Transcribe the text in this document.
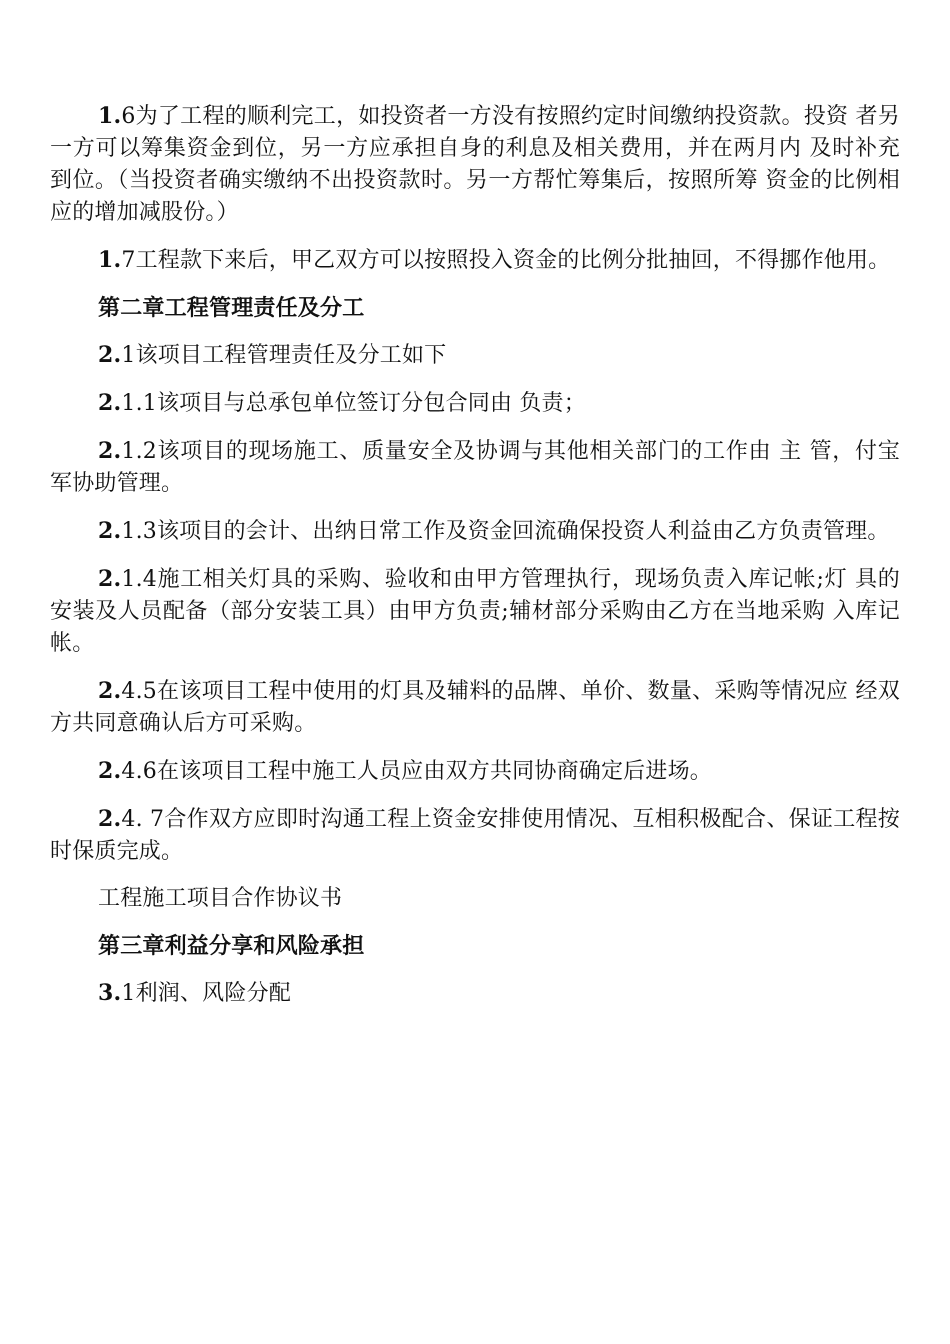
1.6为了工程的顺利完工，如投资者一方没有按照约定时间缴纳投资款。投资 者另一方可以筹集资金到位，另一方应承担自身的利息及相关费用，并在两月内 及时补充到位。（当投资者确实缴纳不出投资款时。另一方帮忙筹集后，按照所筹 资金的比例相应的增加减股份。）

1.7工程款下来后，甲乙双方可以按照投入资金的比例分批抽回，不得挪作他用。

第二章工程管理责任及分工

2.1该项目工程管理责任及分工如下

2.1.1该项目与总承包单位签订分包合同由 负责；

2.1.2该项目的现场施工、质量安全及协调与其他相关部门的工作由 主 管，付宝军协助管理。

2.1.3该项目的会计、出纳日常工作及资金回流确保投资人利益由乙方负责管理。

2.1.4施工相关灯具的采购、验收和由甲方管理执行，现场负责入库记帐;灯 具的安装及人员配备（部分安装工具）由甲方负责;辅材部分采购由乙方在当地采购 入库记帐。

2.4.5在该项目工程中使用的灯具及辅料的品牌、单价、数量、采购等情况应 经双方共同意确认后方可采购。

2.4.6在该项目工程中施工人员应由双方共同协商确定后进场。

2.4. 7合作双方应即时沟通工程上资金安排使用情况、互相积极配合、保证工程按时保质完成。

工程施工项目合作协议书

第三章利益分享和风险承担

3.1利润、风险分配
